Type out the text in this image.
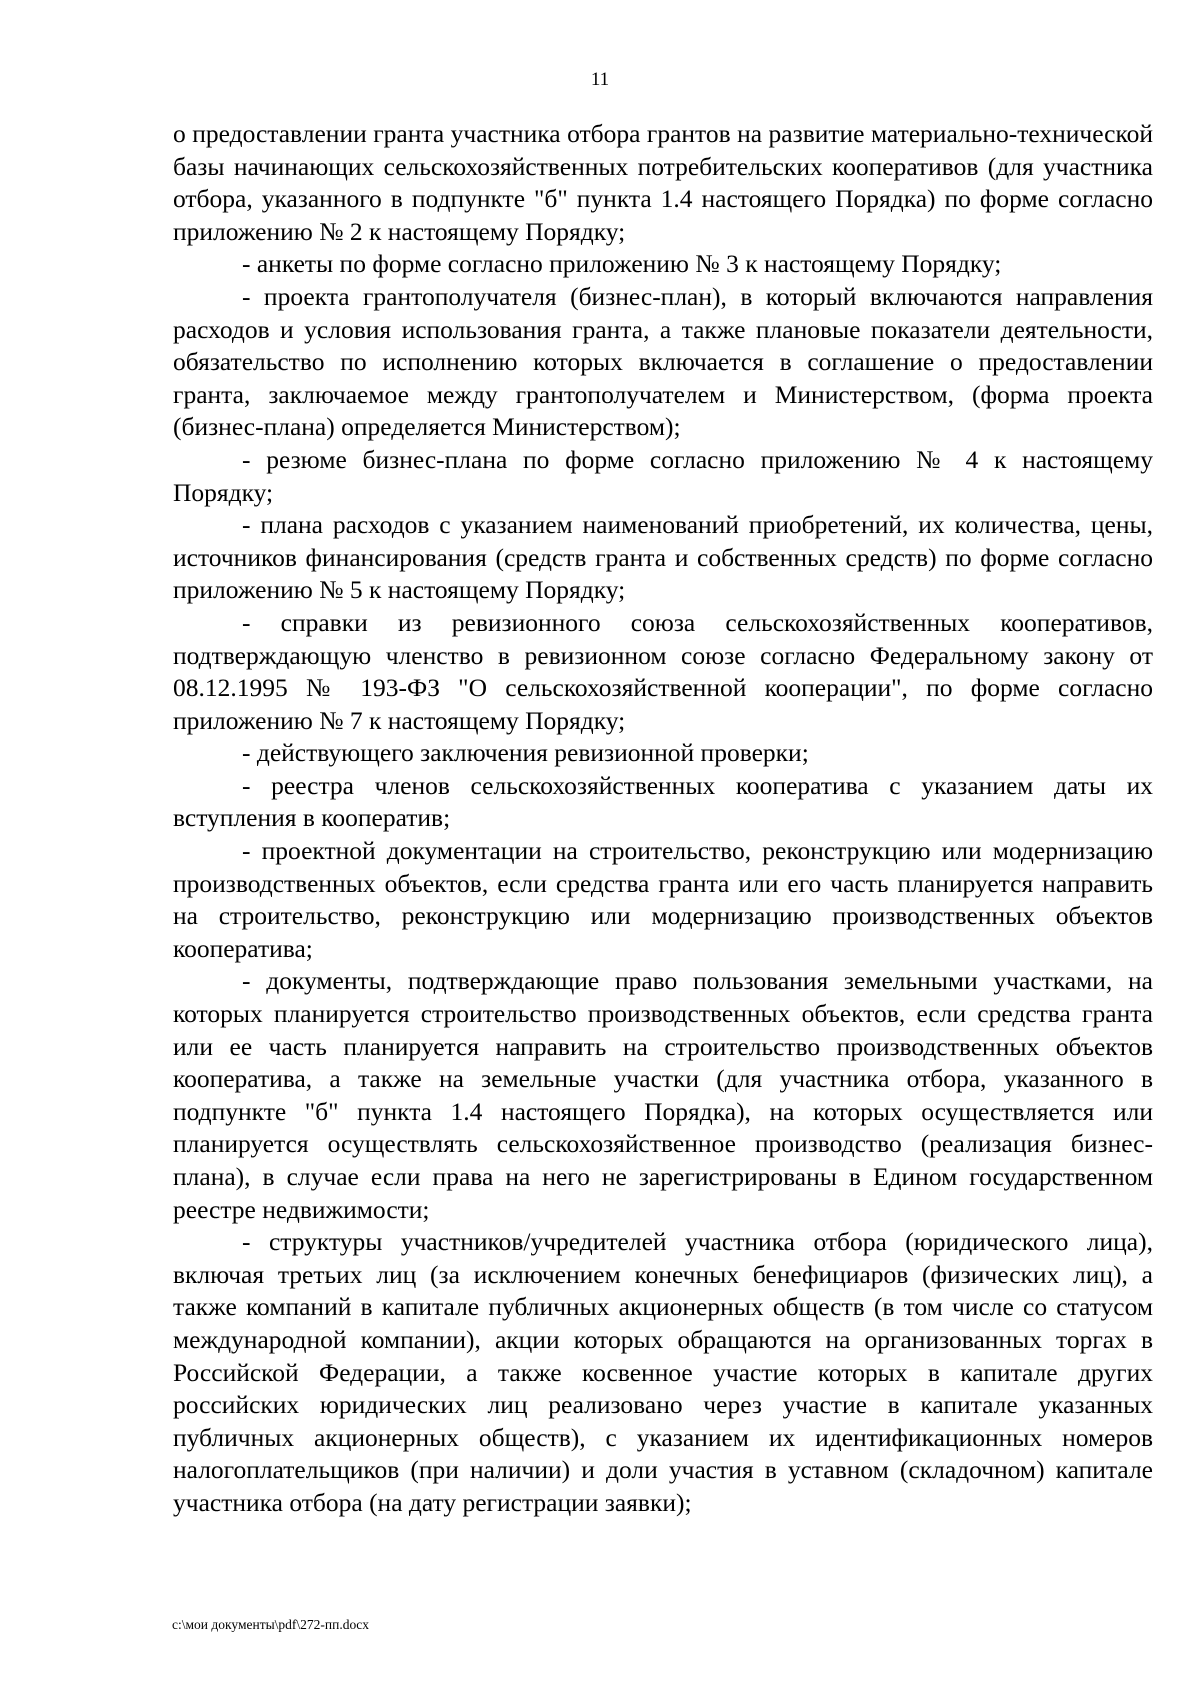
11

о предоставлении гранта участника отбора грантов на развитие материально-технической базы начинающих сельскохозяйственных потребительских кооперативов (для участника отбора, указанного в подпункте "б" пункта 1.4 настоящего Порядка) по форме согласно приложению № 2 к настоящему Порядку;

- анкеты по форме согласно приложению № 3 к настоящему Порядку;

- проекта грантополучателя (бизнес-план), в который включаются направления расходов и условия использования гранта, а также плановые показатели деятельности, обязательство по исполнению которых включается в соглашение о предоставлении гранта, заключаемое между грантополучателем и Министерством, (форма проекта (бизнес-плана) определяется Министерством);

- резюме бизнес-плана по форме согласно приложению № 4 к настоящему Порядку;

- плана расходов с указанием наименований приобретений, их количества, цены, источников финансирования (средств гранта и собственных средств) по форме согласно приложению № 5 к настоящему Порядку;

- справки из ревизионного союза сельскохозяйственных кооперативов, подтверждающую членство в ревизионном союзе согласно Федеральному закону от 08.12.1995 № 193-ФЗ "О сельскохозяйственной кооперации", по форме согласно приложению № 7 к настоящему Порядку;

- действующего заключения ревизионной проверки;

- реестра членов сельскохозяйственных кооператива с указанием даты их вступления в кооператив;

- проектной документации на строительство, реконструкцию или модернизацию производственных объектов, если средства гранта или его часть планируется направить на строительство, реконструкцию или модернизацию производственных объектов кооператива;

- документы, подтверждающие право пользования земельными участками, на которых планируется строительство производственных объектов, если средства гранта или ее часть планируется направить на строительство производственных объектов кооператива, а также на земельные участки (для участника отбора, указанного в подпункте "б" пункта 1.4 настоящего Порядка), на которых осуществляется или планируется осуществлять сельскохозяйственное производство (реализация бизнес-плана), в случае если права на него не зарегистрированы в Едином государственном реестре недвижимости;

- структуры участников/учредителей участника отбора (юридического лица), включая третьих лиц (за исключением конечных бенефициаров (физических лиц), а также компаний в капитале публичных акционерных обществ (в том числе со статусом международной компании), акции которых обращаются на организованных торгах в Российской Федерации, а также косвенное участие которых в капитале других российских юридических лиц реализовано через участие в капитале указанных публичных акционерных обществ), с указанием их идентификационных номеров налогоплательщиков (при наличии) и доли участия в уставном (складочном) капитале участника отбора (на дату регистрации заявки);

c:\мои документы\pdf\272-пп.docx
